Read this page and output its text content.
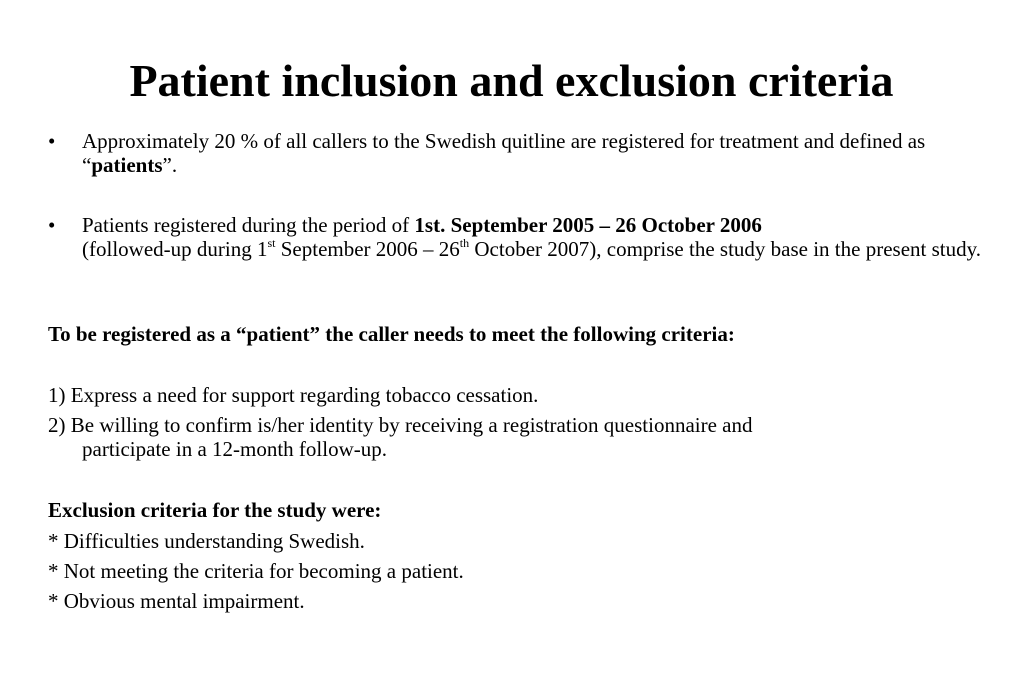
Patient inclusion and exclusion criteria
• Approximately 20 % of all callers to the Swedish quitline are registered for treatment and defined as “patients”.
• Patients registered during the period of 1st. September 2005 – 26 October 2006
(followed-up during 1st September 2006 – 26th October 2007), comprise the study base in the present study.
To be registered as a “patient” the caller needs to meet the following criteria:
1) Express a need for support regarding tobacco cessation.
2) Be willing to confirm is/her identity by receiving a registration questionnaire and
participate in a 12-month follow-up.
Exclusion criteria for the study were:
* Difficulties understanding Swedish.
* Not meeting the criteria for becoming a patient.
* Obvious mental impairment.
